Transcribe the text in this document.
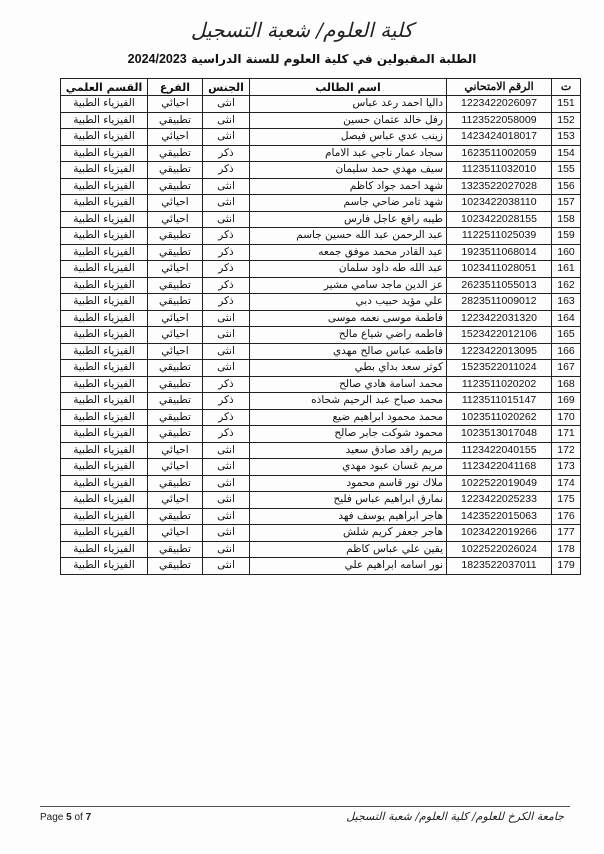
كلية العلوم/ شعبة التسجيل
الطلبة المقبولين في كلية العلوم للسنة الدراسية 2024/2023
ت	الرقم الامتحاني	اسم الطالب	الجنس	الفرع	القسم العلمي
151	1223422026097	داليا احمد رعد عباس	انثى	احيائي	الفيزياء الطبية
152	1123522058009	رفل خالد عثمان حسين	انثى	تطبيقي	الفيزياء الطبية
153	1423424018017	زينب عدي عباس فيصل	انثى	احيائي	الفيزياء الطبية
154	1623511002059	سجاد عمار ناجي عبد الامام	ذكر	تطبيقي	الفيزياء الطبية
155	1123511032010	سيف مهدي حمد سليمان	ذكر	تطبيقي	الفيزياء الطبية
156	1323522027028	شهد احمد جواد كاظم	انثى	تطبيقي	الفيزياء الطبية
157	1023422038110	شهد ثامر ضاحي جاسم	انثى	احيائي	الفيزياء الطبية
158	1023422028155	طيبه رافع عاجل فارس	انثى	احيائي	الفيزياء الطبية
159	1122511025039	عبد الرحمن عبد الله حسين جاسم	ذكر	تطبيقي	الفيزياء الطبية
160	1923511068014	عبد القادر محمد موفق جمعه	ذكر	تطبيقي	الفيزياء الطبية
161	1023411028051	عبد الله طه داود سلمان	ذكر	احيائي	الفيزياء الطبية
162	2623511055013	عز الدين ماجد سامي مشير	ذكر	تطبيقي	الفيزياء الطبية
163	2823511009012	علي مؤيد حبيب دبي	ذكر	تطبيقي	الفيزياء الطبية
164	1223422031320	فاطمة موسى نعمه موسى	انثى	احيائي	الفيزياء الطبية
165	1523422012106	فاطمه راضي شياع مالح	انثى	احيائي	الفيزياء الطبية
166	1223422013095	فاطمه عباس صالح مهدي	انثى	احيائي	الفيزياء الطبية
167	1523522011024	كوثر سعد بداي بطي	انثى	تطبيقي	الفيزياء الطبية
168	1123511020202	محمد اسامة هادي صالح	ذكر	تطبيقي	الفيزياء الطبية
169	1123511015147	محمد صباح عبد الرحيم شحاذه	ذكر	تطبيقي	الفيزياء الطبية
170	1023511020262	محمد محمود ابراهيم ضيع	ذكر	تطبيقي	الفيزياء الطبية
171	1023513017048	محمود شوكت جابر صالح	ذكر	تطبيقي	الفيزياء الطبية
172	1123422040155	مريم رافد صادق سعيد	انثى	احيائي	الفيزياء الطبية
173	1123422041168	مريم غسان عبود مهدي	انثى	احيائي	الفيزياء الطبية
174	1022522019049	ملاك نور قاسم محمود	انثى	تطبيقي	الفيزياء الطبية
175	1223422025233	نمارق ابراهيم عباس فليح	انثى	احيائي	الفيزياء الطبية
176	1423522015063	هاجر ابراهيم يوسف فهد	انثى	تطبيقي	الفيزياء الطبية
177	1023422019266	هاجر جعفر كريم شلش	انثى	احيائي	الفيزياء الطبية
178	1022522026024	يقين علي عباس كاظم	انثى	تطبيقي	الفيزياء الطبية
179	1823522037011	نور اسامه ابراهيم علي	انثى	تطبيقي	الفيزياء الطبية
Page 5 of 7	جامعة الكرخ للعلوم/ كلية العلوم/ شعبة التسجيل
